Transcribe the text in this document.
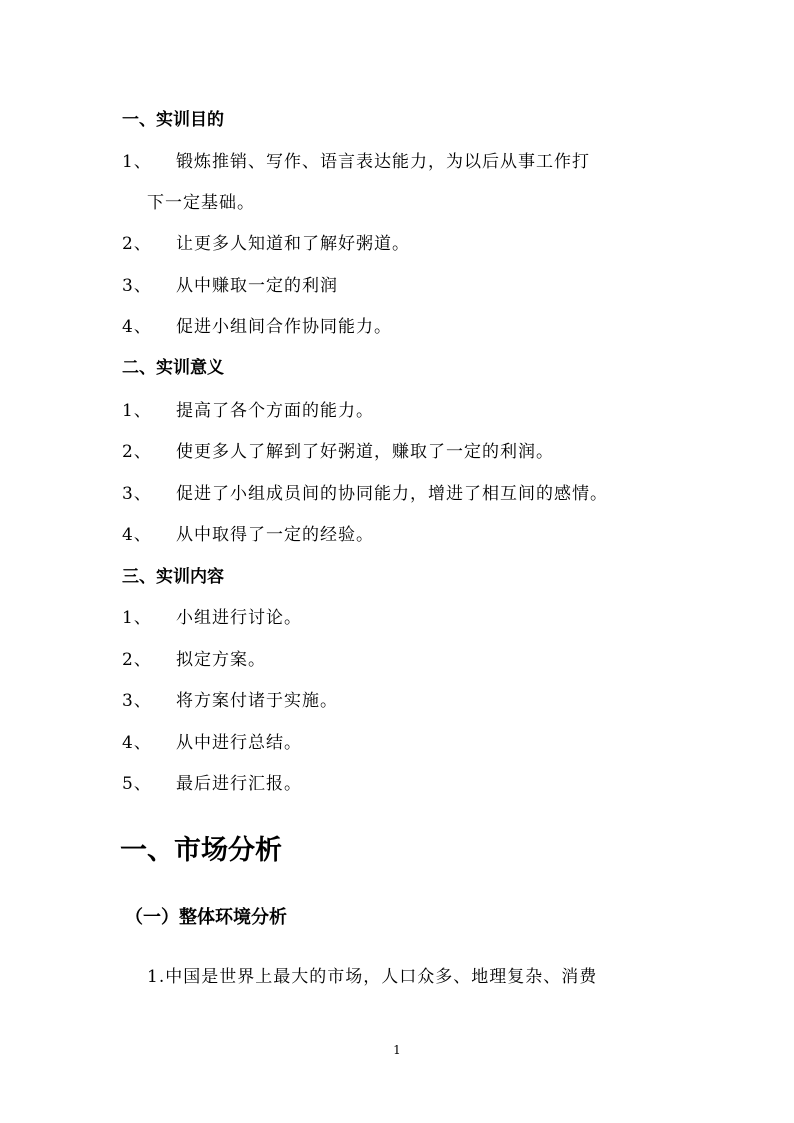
一、实训目的
1、 锻炼推销、写作、语言表达能力，为以后从事工作打
下一定基础。
2、 让更多人知道和了解好粥道。
3、 从中赚取一定的利润
4、 促进小组间合作协同能力。
二、实训意义
1、 提高了各个方面的能力。
2、 使更多人了解到了好粥道，赚取了一定的利润。
3、 促进了小组成员间的协同能力，增进了相互间的感情。
4、 从中取得了一定的经验。
三、实训内容
1、 小组进行讨论。
2、 拟定方案。
3、 将方案付诸于实施。
4、 从中进行总结。
5、 最后进行汇报。
一、市场分析
（一）整体环境分析
1.中国是世界上最大的市场，人口众多、地理复杂、消费
1
